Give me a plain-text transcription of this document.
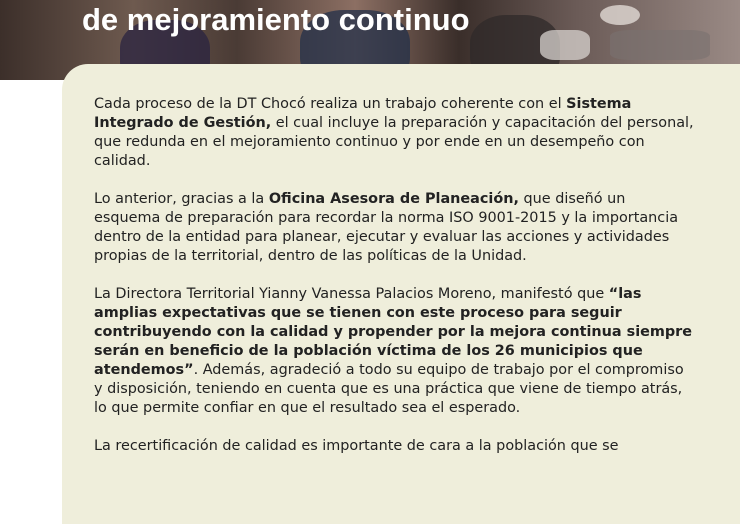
de mejoramiento continuo

Cada proceso de la DT Chocó realiza un trabajo coherente con el Sistema Integrado de Gestión, el cual incluye la preparación y capacitación del personal, que redunda en el mejoramiento continuo y por ende en un desempeño con calidad.

Lo anterior, gracias a la Oficina Asesora de Planeación, que diseñó un esquema de preparación para recordar la norma ISO 9001-2015 y la importancia dentro de la entidad para planear, ejecutar y evaluar las acciones y actividades propias de la territorial, dentro de las políticas de la Unidad.

La Directora Territorial Yianny Vanessa Palacios Moreno, manifestó que “las amplias expectativas que se tienen con este proceso para seguir contribuyendo con la calidad y propender por la mejora continua siempre serán en beneficio de la población víctima de los 26 municipios que atendemos”. Además, agradeció a todo su equipo de trabajo por el compromiso y disposición, teniendo en cuenta que es una práctica que viene de tiempo atrás, lo que permite confiar en que el resultado sea el esperado.

La recertificación de calidad es importante de cara a la población que se
